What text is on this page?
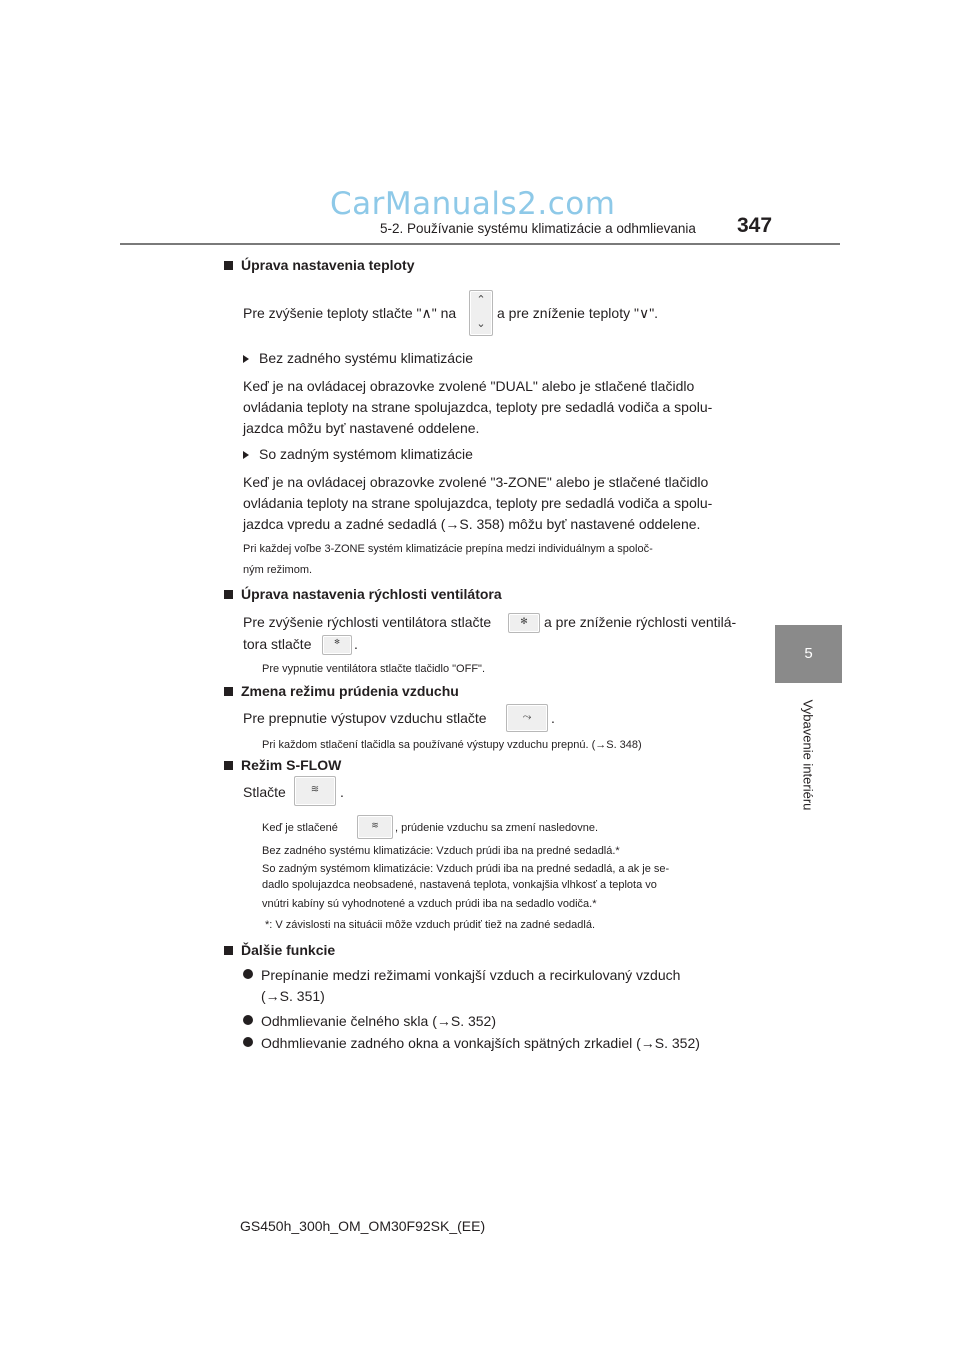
CarManuals2.com
5-2. Používanie systému klimatizácie a odhmlievania 347
5
Vybavenie interiéru
Úprava nastavenia teploty
Pre zvýšenie teploty stlačte "∧" na
⌃
⌄
a pre zníženie teploty "∨".
Bez zadného systému klimatizácie
Keď je na ovládacej obrazovke zvolené "DUAL" alebo je stlačené tlačidlo
ovládania teploty na strane spolujazdca, teploty pre sedadlá vodiča a spolu-
jazdca môžu byť nastavené oddelene.
So zadným systémom klimatizácie
Keď je na ovládacej obrazovke zvolené "3-ZONE" alebo je stlačené tlačidlo
ovládania teploty na strane spolujazdca, teploty pre sedadlá vodiča a spolu-
jazdca vpredu a zadné sedadlá (→S. 358) môžu byť nastavené oddelene.
Pri každej voľbe 3-ZONE systém klimatizácie prepína medzi individuálnym a spoloč-
ným režimom.
Úprava nastavenia rýchlosti ventilátora
Pre zvýšenie rýchlosti ventilátora stlačte	✻	a pre zníženie rýchlosti ventilá-
tora stlačte	✻	.
Pre vypnutie ventilátora stlačte tlačidlo "OFF".
Zmena režimu prúdenia vzduchu
Pre prepnutie výstupov vzduchu stlačte	⤳	.
Pri každom stlačení tlačidla sa používané výstupy vzduchu prepnú. (→S. 348)
Režim S-FLOW
Stlačte	≋	.
Keď je stlačené	≋	, prúdenie vzduchu sa zmení nasledovne.
Bez zadného systému klimatizácie: Vzduch prúdi iba na predné sedadlá.*
So zadným systémom klimatizácie: Vzduch prúdi iba na predné sedadlá, a ak je se-
dadlo spolujazdca neobsadené, nastavená teplota, vonkajšia vlhkosť a teplota vo
vnútri kabíny sú vyhodnotené a vzduch prúdi iba na sedadlo vodiča.*
*: V závislosti na situácii môže vzduch prúdiť tiež na zadné sedadlá.
Ďalšie funkcie
Prepínanie medzi režimami vonkajší vzduch a recirkulovaný vzduch
(→S. 351)
Odhmlievanie čelného skla (→S. 352)
Odhmlievanie zadného okna a vonkajších spätných zrkadiel (→S. 352)
GS450h_300h_OM_OM30F92SK_(EE)
